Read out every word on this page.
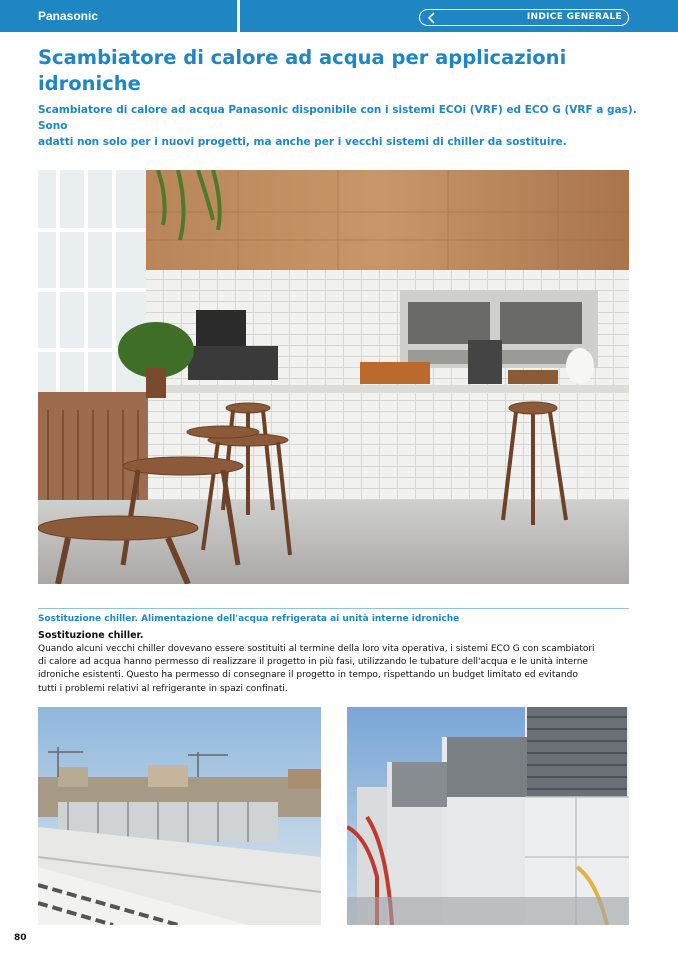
Panasonic	INDICE GENERALE
Scambiatore di calore ad acqua per applicazioni
idroniche

Scambiatore di calore ad acqua Panasonic disponibile con i sistemi ECOi (VRF) ed ECO G (VRF a gas). Sono
adatti non solo per i nuovi progetti, ma anche per i vecchi sistemi di chiller da sostituire.

Sostituzione chiller. Alimentazione dell'acqua refrigerata ai unità interne idroniche

Sostituzione chiller.

Quando alcuni vecchi chiller dovevano essere sostituiti al termine della loro vita operativa, i sistemi ECO G con scambiatori
di calore ad acqua hanno permesso di realizzare il progetto in più fasi, utilizzando le tubature dell'acqua e le unità interne
idroniche esistenti. Questo ha permesso di consegnare il progetto in tempo, rispettando un budget limitato ed evitando
tutti i problemi relativi al refrigerante in spazi confinati.

80
